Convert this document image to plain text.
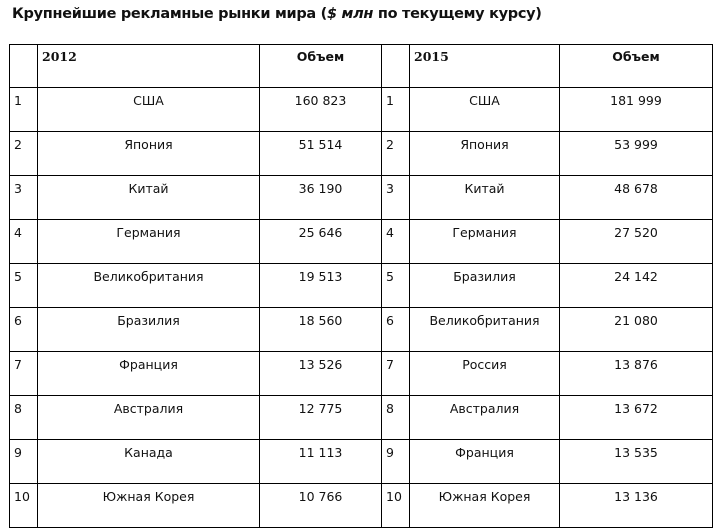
Крупнейшие рекламные рынки мира ($ млн по текущему курсу)
	2012	Объем		2015	Объем
1	США	160 823	1	США	181 999
2	Япония	51 514	2	Япония	53 999
3	Китай	36 190	3	Китай	48 678
4	Германия	25 646	4	Германия	27 520
5	Великобритания	19 513	5	Бразилия	24 142
6	Бразилия	18 560	6	Великобритания	21 080
7	Франция	13 526	7	Россия	13 876
8	Австралия	12 775	8	Австралия	13 672
9	Канада	11 113	9	Франция	13 535
10	Южная Корея	10 766	10	Южная Корея	13 136
